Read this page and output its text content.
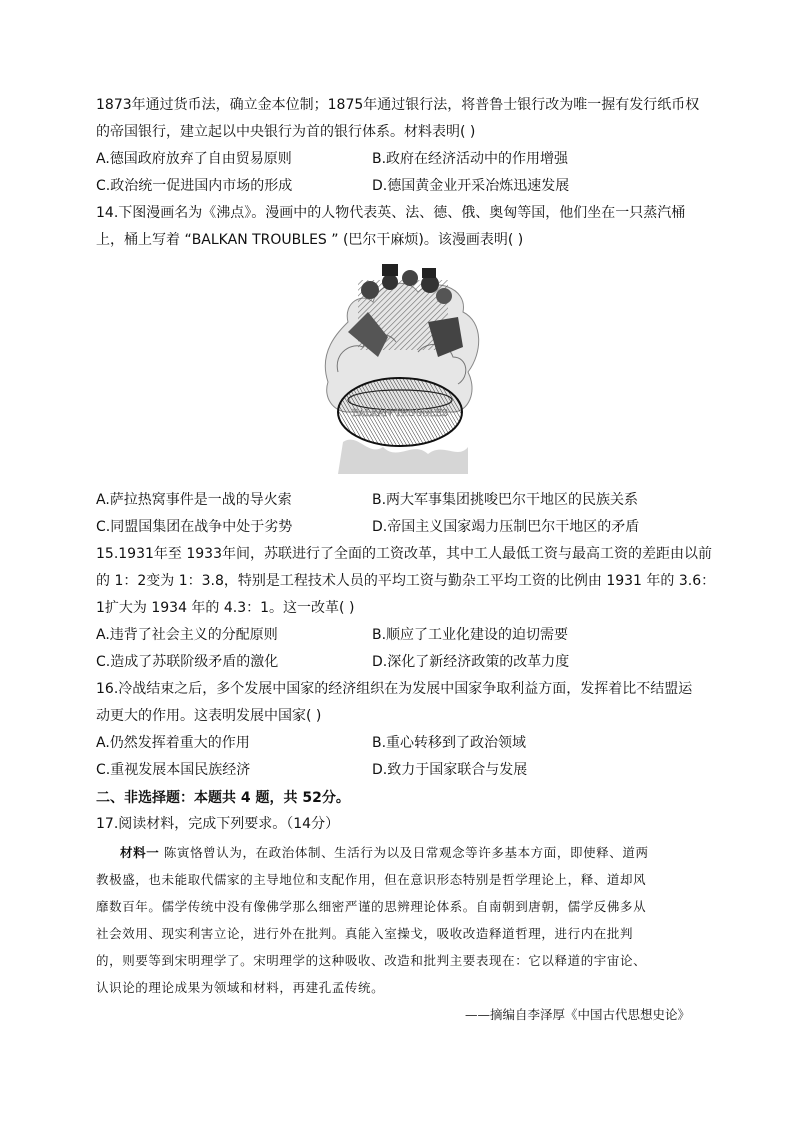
1873年通过货币法，确立金本位制；1875年通过银行法，将普鲁士银行改为唯一握有发行纸币权
的帝国银行，建立起以中央银行为首的银行体系。材料表明( )
A.德国政府放弃了自由贸易原则	B.政府在经济活动中的作用增强
C.政治统一促进国内市场的形成	D.德国黄金业开采冶炼迅速发展
14.下图漫画名为《沸点》。漫画中的人物代表英、法、德、俄、奥匈等国，他们坐在一只蒸汽桶
上，桶上写着 “BALKAN TROUBLES ” (巴尔干麻烦)。该漫画表明( )
BALKAN TROUBLES
A.萨拉热窝事件是一战的导火索	B.两大军事集团挑唆巴尔干地区的民族关系
C.同盟国集团在战争中处于劣势	D.帝国主义国家竭力压制巴尔干地区的矛盾
15.1931年至 1933年间，苏联进行了全面的工资改革，其中工人最低工资与最高工资的差距由以前
的 1：2变为 1：3.8，特别是工程技术人员的平均工资与勤杂工平均工资的比例由 1931 年的 3.6：
1扩大为 1934 年的 4.3：1。这一改革( )
A.违背了社会主义的分配原则	B.顺应了工业化建设的迫切需要
C.造成了苏联阶级矛盾的激化	D.深化了新经济政策的改革力度
16.冷战结束之后，多个发展中国家的经济组织在为发展中国家争取利益方面，发挥着比不结盟运
动更大的作用。这表明发展中国家( )
A.仍然发挥着重大的作用	B.重心转移到了政治领域
C.重视发展本国民族经济	D.致力于国家联合与发展
二、非选择题：本题共 4 题，共 52分。
17.阅读材料，完成下列要求。（14分）
材料一 陈寅恪曾认为，在政治体制、生活行为以及日常观念等许多基本方面，即使释、道两
教极盛，也未能取代儒家的主导地位和支配作用，但在意识形态特别是哲学理论上，释、道却风
靡数百年。儒学传统中没有像佛学那么细密严谨的思辨理论体系。自南朝到唐朝，儒学反佛多从
社会效用、现实利害立论，进行外在批判。真能入室操戈，吸收改造释道哲理，进行内在批判
的，则要等到宋明理学了。宋明理学的这种吸收、改造和批判主要表现在：它以释道的宇宙论、
认识论的理论成果为领域和材料，再建孔孟传统。
——摘编自李泽厚《中国古代思想史论》
